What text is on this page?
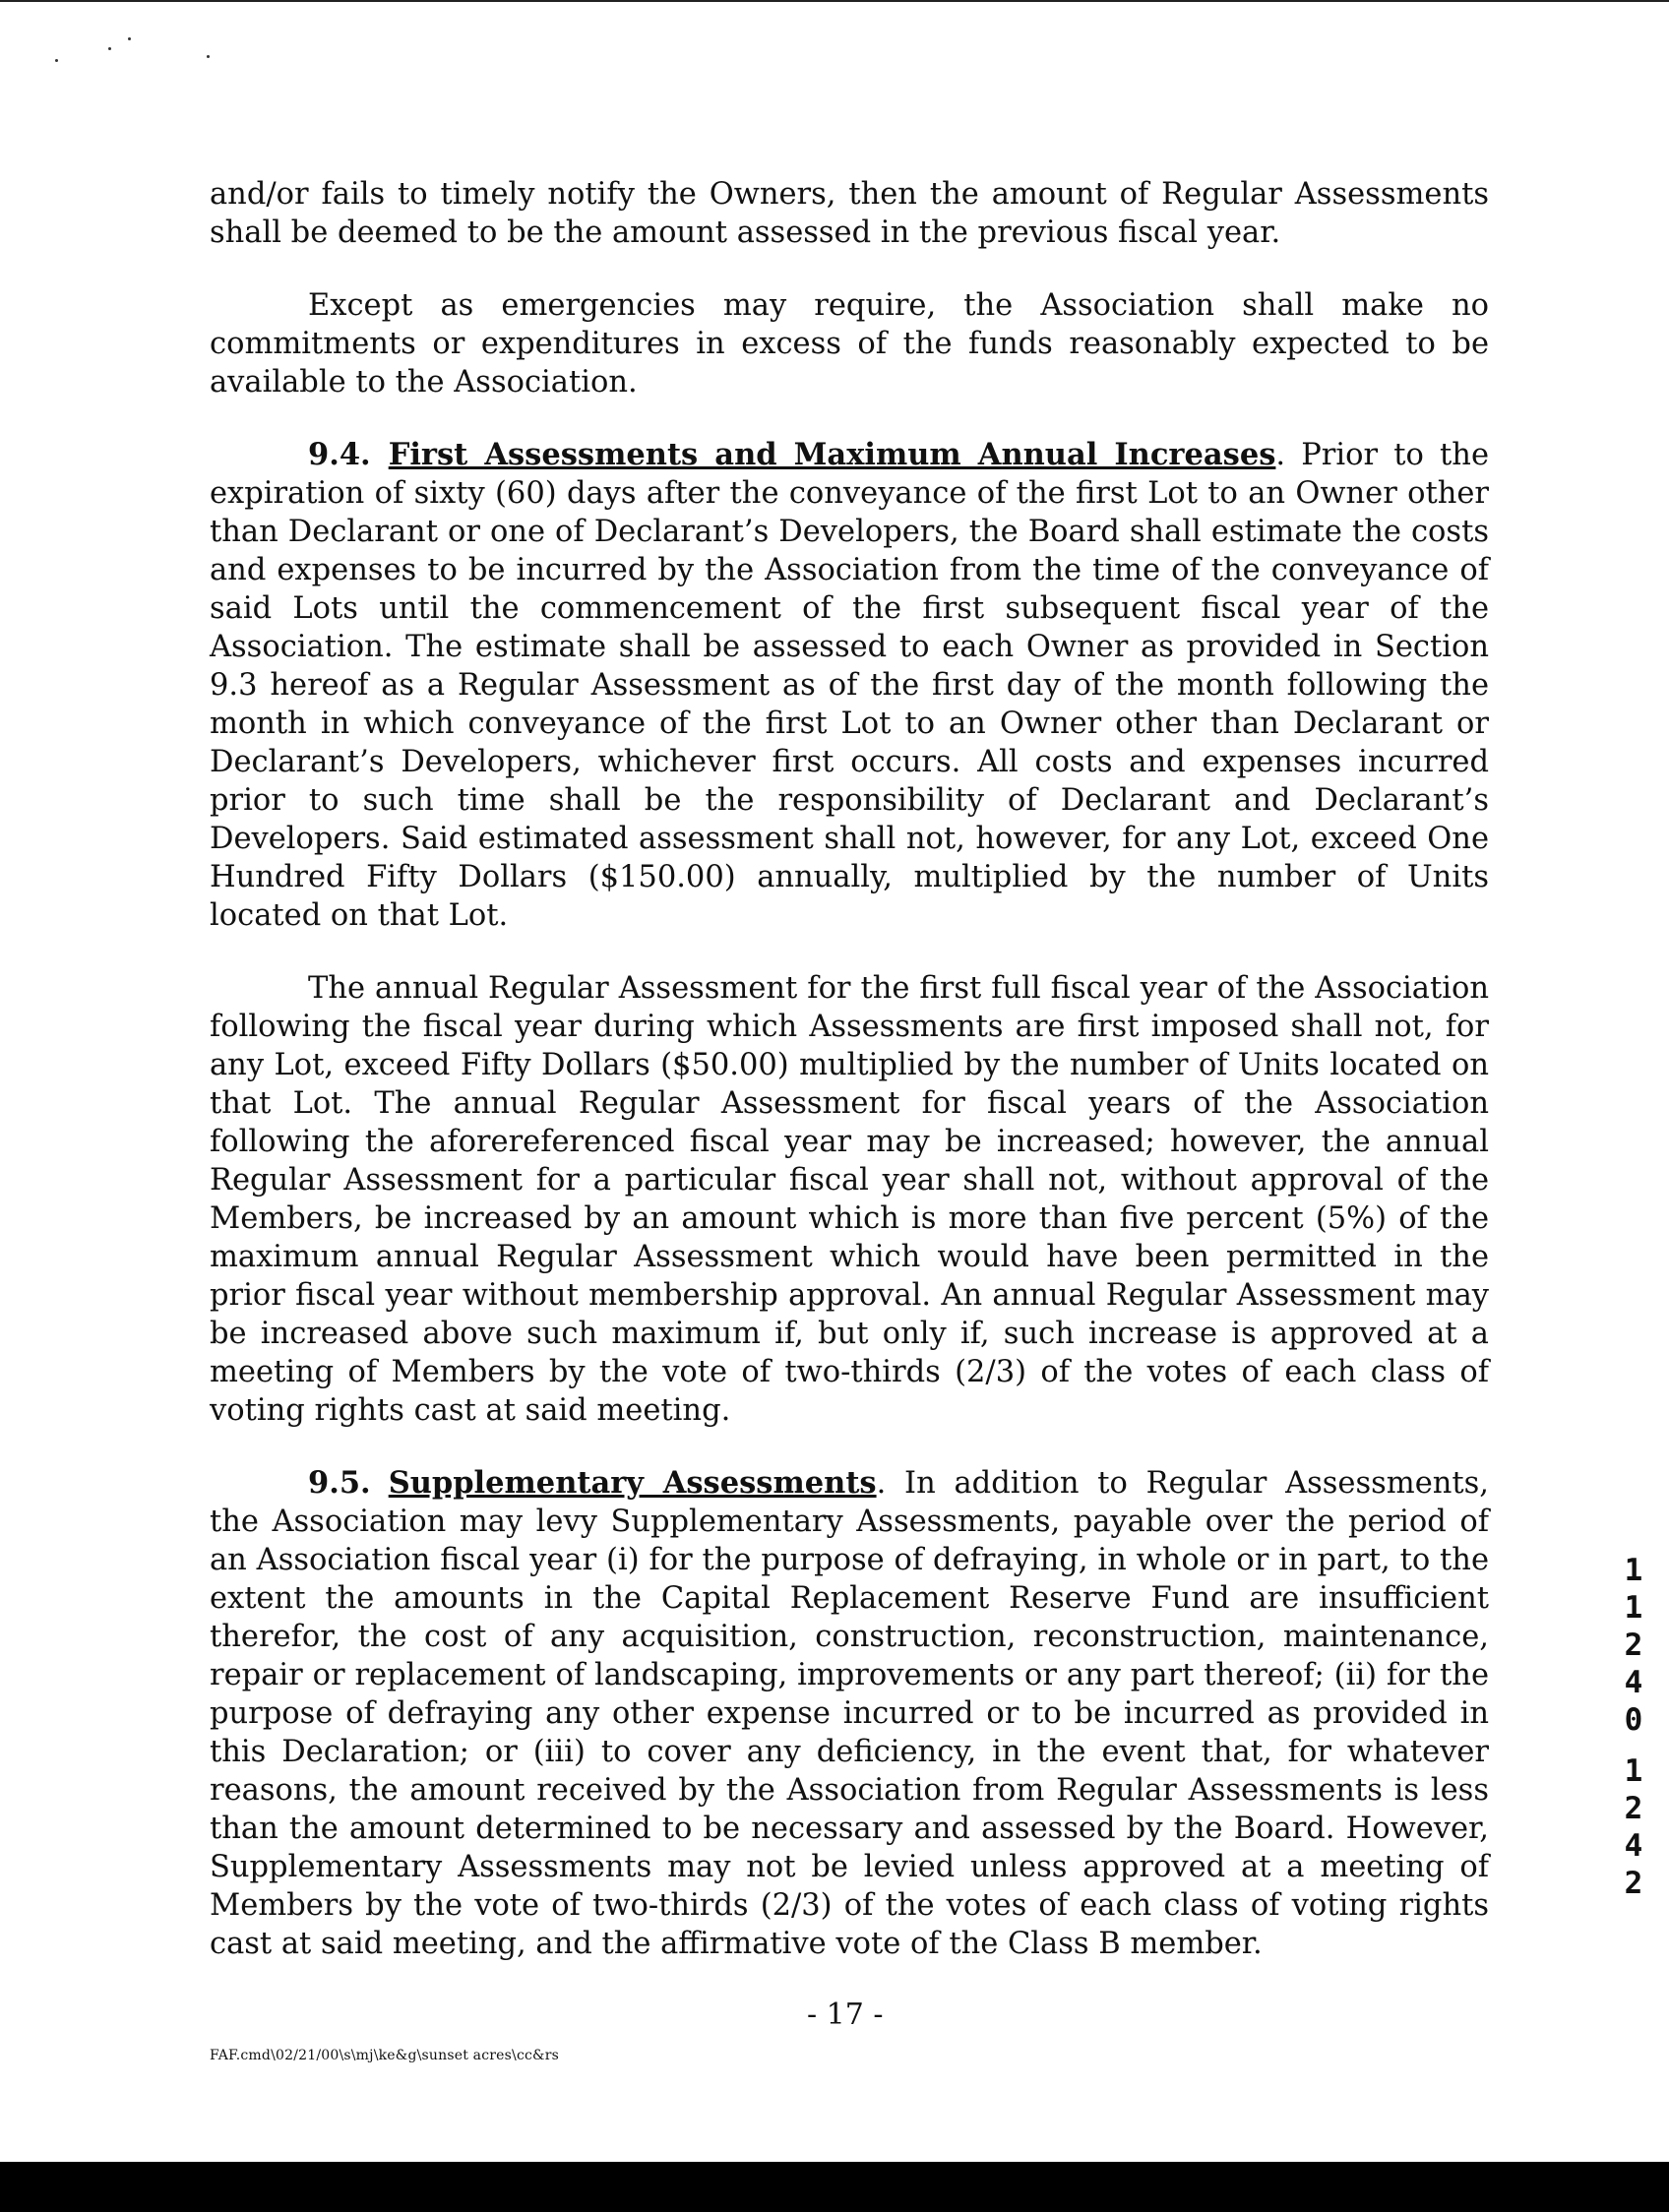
and/or fails to timely notify the Owners, then the amount of Regular Assessments shall be deemed to be the amount assessed in the previous fiscal year.

Except as emergencies may require, the Association shall make no commitments or expenditures in excess of the funds reasonably expected to be available to the Association.

9.4. First Assessments and Maximum Annual Increases. Prior to the expiration of sixty (60) days after the conveyance of the first Lot to an Owner other than Declarant or one of Declarant’s Developers, the Board shall estimate the costs and expenses to be incurred by the Association from the time of the conveyance of said Lots until the commencement of the first subsequent fiscal year of the Association. The estimate shall be assessed to each Owner as provided in Section 9.3 hereof as a Regular Assessment as of the first day of the month following the month in which conveyance of the first Lot to an Owner other than Declarant or Declarant’s Developers, whichever first occurs. All costs and expenses incurred prior to such time shall be the responsibility of Declarant and Declarant’s Developers. Said estimated assessment shall not, however, for any Lot, exceed One Hundred Fifty Dollars ($150.00) annually, multiplied by the number of Units located on that Lot.

The annual Regular Assessment for the first full fiscal year of the Association following the fiscal year during which Assessments are first imposed shall not, for any Lot, exceed Fifty Dollars ($50.00) multiplied by the number of Units located on that Lot. The annual Regular Assessment for fiscal years of the Association following the aforereferenced fiscal year may be increased; however, the annual Regular Assessment for a particular fiscal year shall not, without approval of the Members, be increased by an amount which is more than five percent (5%) of the maximum annual Regular Assessment which would have been permitted in the prior fiscal year without membership approval. An annual Regular Assessment may be increased above such maximum if, but only if, such increase is approved at a meeting of Members by the vote of two-thirds (2/3) of the votes of each class of voting rights cast at said meeting.

9.5. Supplementary Assessments. In addition to Regular Assessments, the Association may levy Supplementary Assessments, payable over the period of an Association fiscal year (i) for the purpose of defraying, in whole or in part, to the extent the amounts in the Capital Replacement Reserve Fund are insufficient therefor, the cost of any acquisition, construction, reconstruction, maintenance, repair or replacement of landscaping, improvements or any part thereof; (ii) for the purpose of defraying any other expense incurred or to be incurred as provided in this Declaration; or (iii) to cover any deficiency, in the event that, for whatever reasons, the amount received by the Association from Regular Assessments is less than the amount determined to be necessary and assessed by the Board. However, Supplementary Assessments may not be levied unless approved at a meeting of Members by the vote of two-thirds (2/3) of the votes of each class of voting rights cast at said meeting, and the affirmative vote of the Class B member.

1
1
2
4
0
1
2
4
2
- 17 -
FAF.cmd\02/21/00\s\mj\ke&g\sunset acres\cc&rs
